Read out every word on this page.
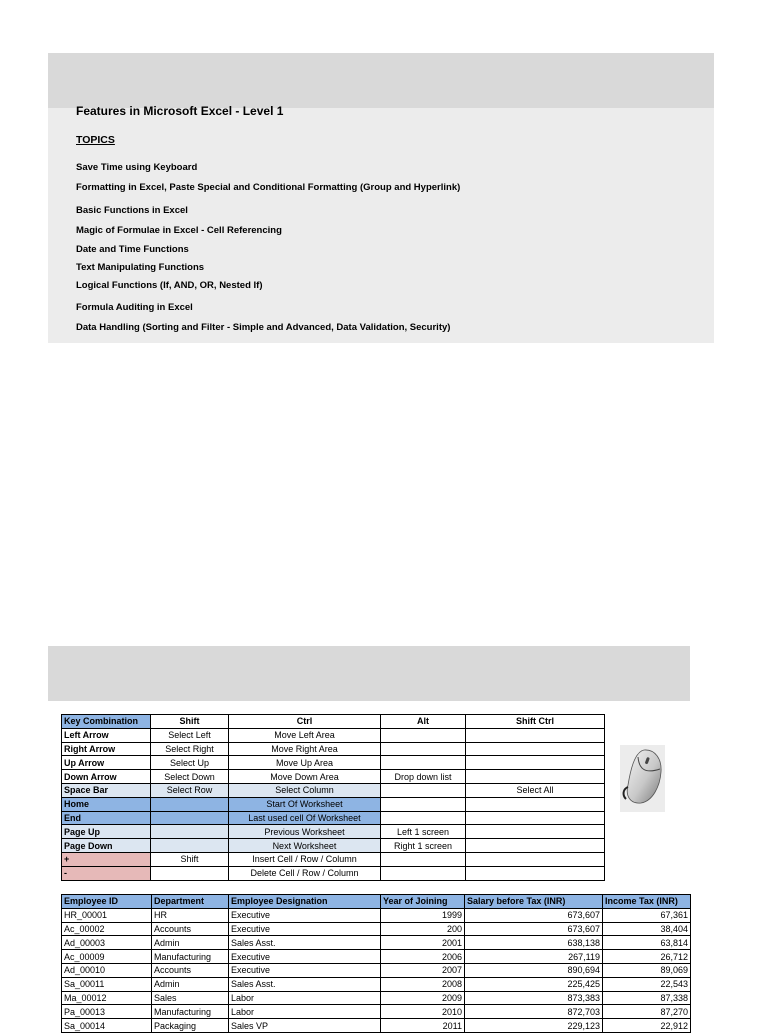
Features in Microsoft Excel - Level 1
TOPICS
Save Time using Keyboard
Formatting in Excel, Paste Special and Conditional Formatting (Group and Hyperlink)
Basic Functions in Excel
Magic of Formulae in Excel - Cell Referencing
Date and Time Functions
Text Manipulating Functions
Logical Functions (If, AND, OR, Nested If)
Formula Auditing in Excel
Data Handling (Sorting and Filter - Simple and Advanced, Data Validation, Security)
Key Combination	Shift	Ctrl	Alt	Shift Ctrl
Left Arrow	Select Left	Move Left Area		
Right Arrow	Select Right	Move Right Area		
Up Arrow	Select Up	Move Up Area		
Down Arrow	Select Down	Move Down Area	Drop down list	
Space Bar	Select Row	Select Column		Select All
Home		Start Of Worksheet		
End		Last used cell Of Worksheet		
Page Up		Previous Worksheet	Left 1 screen	
Page Down		Next Worksheet	Right 1 screen	
+	Shift	Insert Cell / Row / Column		
-		Delete Cell / Row / Column		
Employee ID	Department	Employee Designation	Year of Joining	Salary before Tax (INR)	Income Tax (INR)
HR_00001	HR	Executive	1999	673,607	67,361
Ac_00002	Accounts	Executive	200	673,607	38,404
Ad_00003	Admin	Sales Asst.	2001	638,138	63,814
Ac_00009	Manufacturing	Executive	2006	267,119	26,712
Ad_00010	Accounts	Executive	2007	890,694	89,069
Sa_00011	Admin	Sales Asst.	2008	225,425	22,543
Ma_00012	Sales	Labor	2009	873,383	87,338
Pa_00013	Manufacturing	Labor	2010	872,703	87,270
Sa_00014	Packaging	Sales VP	2011	229,123	22,912
